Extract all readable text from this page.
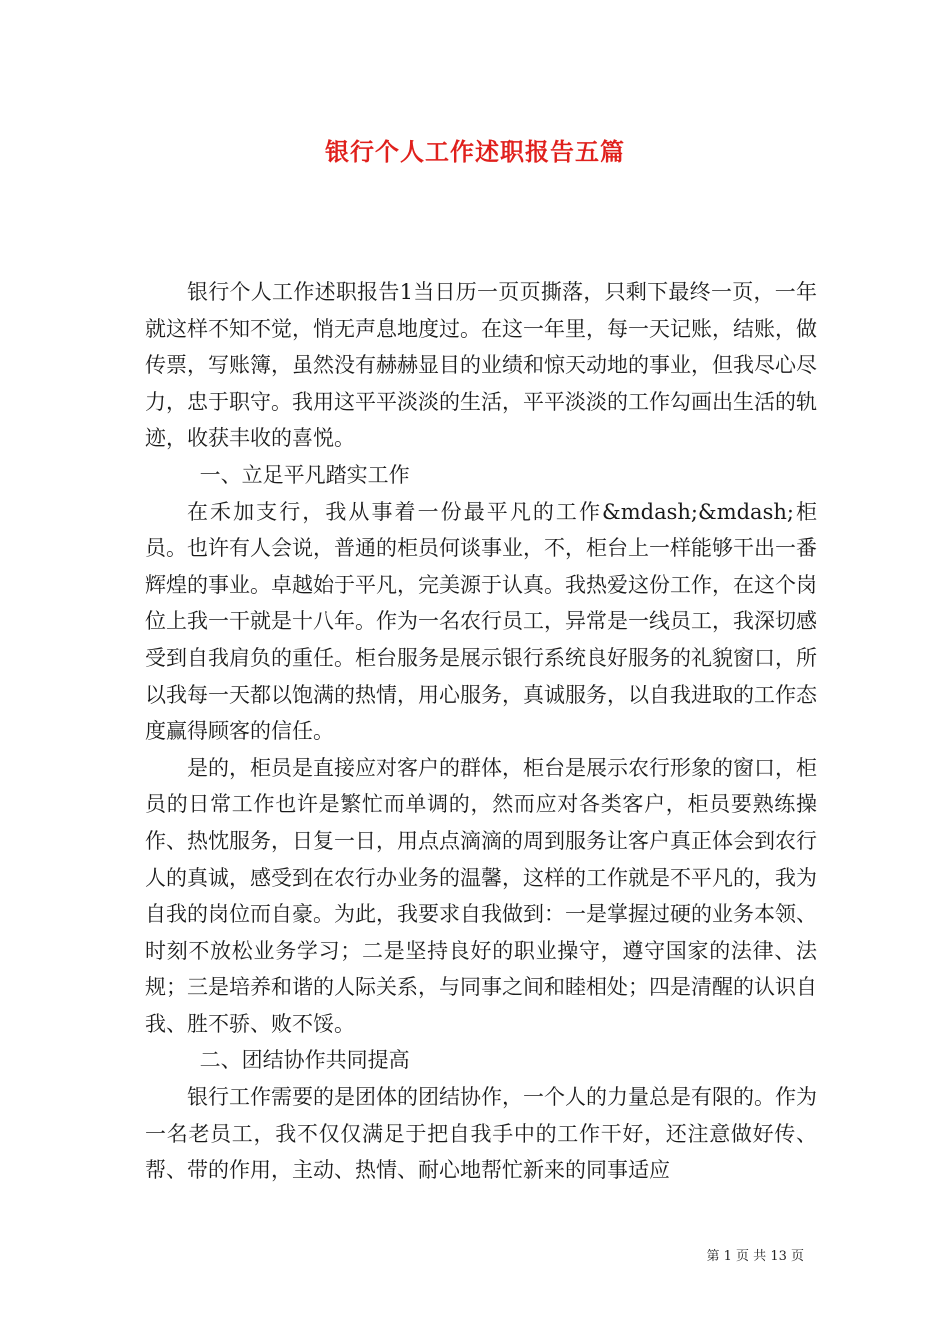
银行个人工作述职报告五篇

银行个人工作述职报告1当日历一页页撕落，只剩下最终一页，一年就这样不知不觉，悄无声息地度过。在这一年里，每一天记账，结账，做传票，写账簿，虽然没有赫赫显目的业绩和惊天动地的事业，但我尽心尽力，忠于职守。我用这平平淡淡的生活，平平淡淡的工作勾画出生活的轨迹，收获丰收的喜悦。

一、立足平凡踏实工作

在禾加支行，我从事着一份最平凡的工作&mdash;&mdash;柜员。也许有人会说，普通的柜员何谈事业，不，柜台上一样能够干出一番辉煌的事业。卓越始于平凡，完美源于认真。我热爱这份工作，在这个岗位上我一干就是十八年。作为一名农行员工，异常是一线员工，我深切感受到自我肩负的重任。柜台服务是展示银行系统良好服务的礼貌窗口，所以我每一天都以饱满的热情，用心服务，真诚服务，以自我进取的工作态度赢得顾客的信任。

是的，柜员是直接应对客户的群体，柜台是展示农行形象的窗口，柜员的日常工作也许是繁忙而单调的，然而应对各类客户，柜员要熟练操作、热忱服务，日复一日，用点点滴滴的周到服务让客户真正体会到农行人的真诚，感受到在农行办业务的温馨，这样的工作就是不平凡的，我为自我的岗位而自豪。为此，我要求自我做到：一是掌握过硬的业务本领、时刻不放松业务学习；二是坚持良好的职业操守，遵守国家的法律、法规；三是培养和谐的人际关系，与同事之间和睦相处；四是清醒的认识自我、胜不骄、败不馁。

二、团结协作共同提高

银行工作需要的是团体的团结协作，一个人的力量总是有限的。作为一名老员工，我不仅仅满足于把自我手中的工作干好，还注意做好传、帮、带的作用，主动、热情、耐心地帮忙新来的同事适应

第 1 页 共 13 页
